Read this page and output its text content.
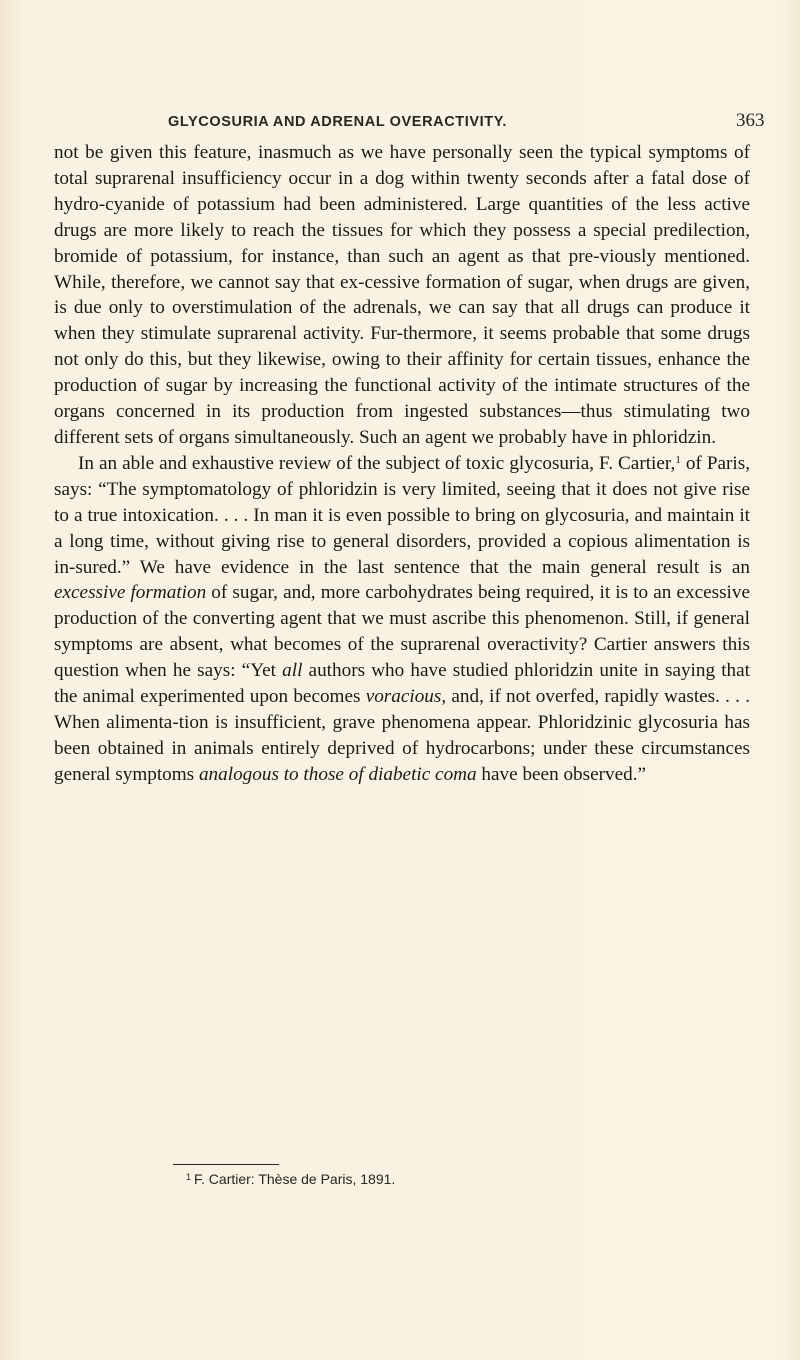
GLYCOSURIA AND ADRENAL OVERACTIVITY.	363

not be given this feature, inasmuch as we have personally seen the typical symptoms of total suprarenal insufficiency occur in a dog within twenty seconds after a fatal dose of hydro-cyanide of potassium had been administered. Large quantities of the less active drugs are more likely to reach the tissues for which they possess a special predilection, bromide of potassium, for instance, than such an agent as that pre-viously mentioned. While, therefore, we cannot say that ex-cessive formation of sugar, when drugs are given, is due only to overstimulation of the adrenals, we can say that all drugs can produce it when they stimulate suprarenal activity. Fur-thermore, it seems probable that some drugs not only do this, but they likewise, owing to their affinity for certain tissues, enhance the production of sugar by increasing the functional activity of the intimate structures of the organs concerned in its production from ingested substances—thus stimulating two different sets of organs simultaneously. Such an agent we probably have in phloridzin.

In an able and exhaustive review of the subject of toxic glycosuria, F. Cartier,$^1$ of Paris, says: “The symptomatology of phloridzin is very limited, seeing that it does not give rise to a true intoxication. . . . In man it is even possible to bring on glycosuria, and maintain it a long time, without giving rise to general disorders, provided a copious alimentation is in-sured.” We have evidence in the last sentence that the main general result is an excessive formation of sugar, and, more carbohydrates being required, it is to an excessive production of the converting agent that we must ascribe this phenomenon. Still, if general symptoms are absent, what becomes of the suprarenal overactivity? Cartier answers this question when he says: “Yet all authors who have studied phloridzin unite in saying that the animal experimented upon becomes voracious, and, if not overfed, rapidly wastes. . . . When alimenta-tion is insufficient, grave phenomena appear. Phloridzinic glycosuria has been obtained in animals entirely deprived of hydrocarbons; under these circumstances general symptoms analogous to those of diabetic coma have been observed.”

$^1$ F. Cartier: Thèse de Paris, 1891.
